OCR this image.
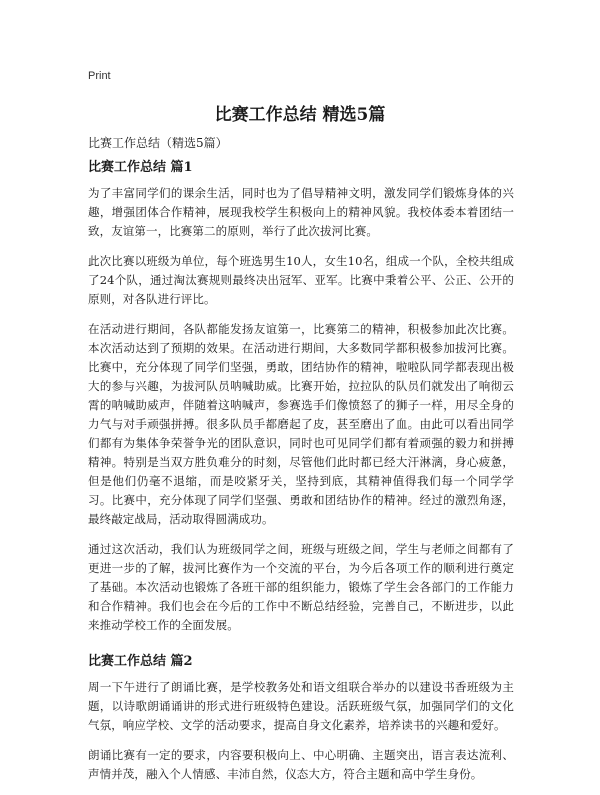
Print
比赛工作总结 精选5篇

比赛工作总结（精选5篇）

比赛工作总结 篇1

为了丰富同学们的课余生活，同时也为了倡导精神文明，激发同学们锻炼身体的兴趣，增强团体合作精神，展现我校学生积极向上的精神风貌。我校体委本着团结一致，友谊第一，比赛第二的原则，举行了此次拔河比赛。

此次比赛以班级为单位，每个班选男生10人，女生10名，组成一个队，全校共组成了24个队，通过淘汰赛规则最终决出冠军、亚军。比赛中秉着公平、公正、公开的原则，对各队进行评比。

在活动进行期间，各队都能发扬友谊第一，比赛第二的精神，积极参加此次比赛。本次活动达到了预期的效果。在活动进行期间，大多数同学都积极参加拔河比赛。比赛中，充分体现了同学们坚强，勇敢，团结协作的精神，啦啦队同学都表现出极大的参与兴趣，为拔河队员呐喊助威。比赛开始，拉拉队的队员们就发出了响彻云霄的呐喊助威声，伴随着这呐喊声，参赛选手们像愤怒了的狮子一样，用尽全身的力气与对手顽强拼搏。很多队员手都磨起了皮，甚至磨出了血。由此可以看出同学们都有为集体争荣誉争光的团队意识，同时也可见同学们都有着顽强的毅力和拼搏精神。特别是当双方胜负难分的时刻，尽管他们此时都已经大汗淋漓，身心疲惫，但是他们仍毫不退缩，而是咬紧牙关，坚持到底，其精神值得我们每一个同学学习。比赛中，充分体现了同学们坚强、勇敢和团结协作的精神。经过的激烈角逐，最终敲定战局，活动取得圆满成功。

通过这次活动，我们认为班级同学之间，班级与班级之间，学生与老师之间都有了更进一步的了解，拔河比赛作为一个交流的平台，为今后各项工作的顺利进行奠定了基础。本次活动也锻炼了各班干部的组织能力，锻炼了学生会各部门的工作能力和合作精神。我们也会在今后的工作中不断总结经验，完善自己，不断进步，以此来推动学校工作的全面发展。

比赛工作总结 篇2

周一下午进行了朗诵比赛，是学校教务处和语文组联合举办的以建设书香班级为主题，以诗歌朗诵诵讲的形式进行班级特色建设。活跃班级气氛，加强同学们的文化气氛，响应学校、文学的活动要求，提高自身文化素养，培养读书的兴趣和爱好。

朗诵比赛有一定的要求，内容要积极向上、中心明确、主题突出，语言表达流利、声情并茂，融入个人情感、丰沛自然，仪态大方，符合主题和高中学生身份。
